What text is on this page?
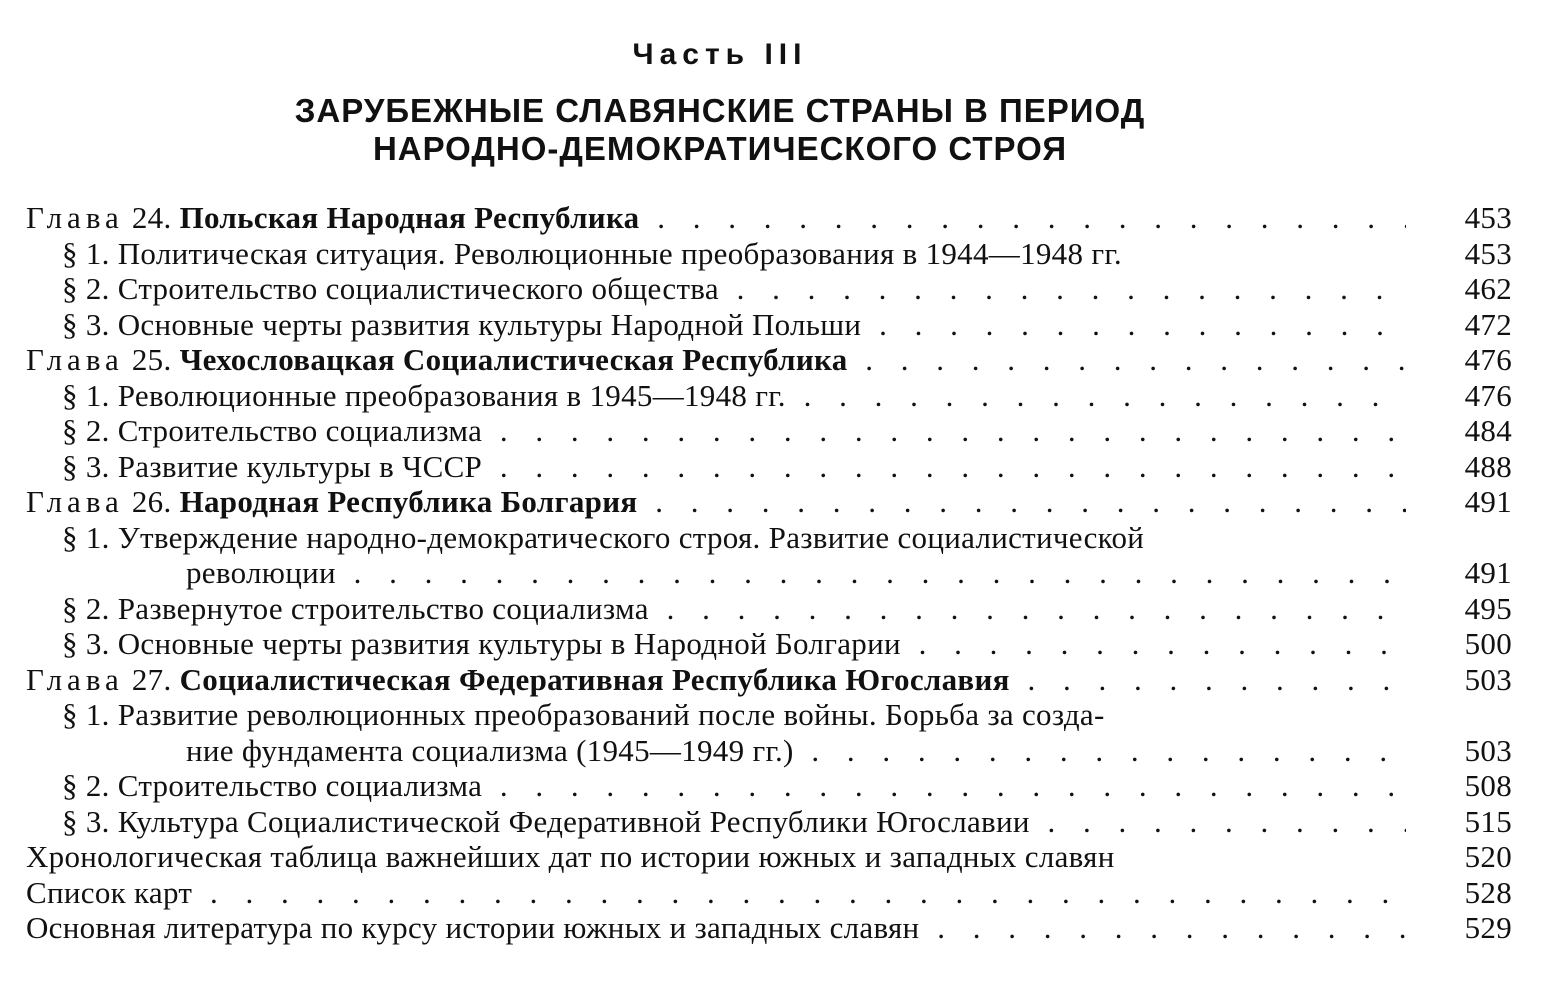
Часть III
ЗАРУБЕЖНЫЕ СЛАВЯНСКИЕ СТРАНЫ В ПЕРИОД
НАРОДНО-ДЕМОКРАТИЧЕСКОГО СТРОЯ
Глава 24. Польская Народная Республика . . .	453
§ 1. Политическая ситуация. Революционные преобразования в 1944—1948 гг.	453
§ 2. Строительство социалистического общества . . .	462
§ 3. Основные черты развития культуры Народной Польши . . .	472
Глава 25. Чехословацкая Социалистическая Республика . . .	476
§ 1. Революционные преобразования в 1945—1948 гг. . . .	476
§ 2. Строительство социализма . . .	484
§ 3. Развитие культуры в ЧССР . . .	488
Глава 26. Народная Республика Болгария . . .	491
§ 1. Утверждение народно-демократического строя. Развитие социалистической
революции . . .	491
§ 2. Развернутое строительство социализма . . .	495
§ 3. Основные черты развития культуры в Народной Болгарии . . .	500
Глава 27. Социалистическая Федеративная Республика Югославия . . .	503
§ 1. Развитие революционных преобразований после войны. Борьба за созда-
ние фундамента социализма (1945—1949 гг.) . . .	503
§ 2. Строительство социализма . . .	508
§ 3. Культура Социалистической Федеративной Республики Югославии . . .	515
Хронологическая таблица важнейших дат по истории южных и западных славян	520
Список карт . . .	528
Основная литература по курсу истории южных и западных славян . . .	529
